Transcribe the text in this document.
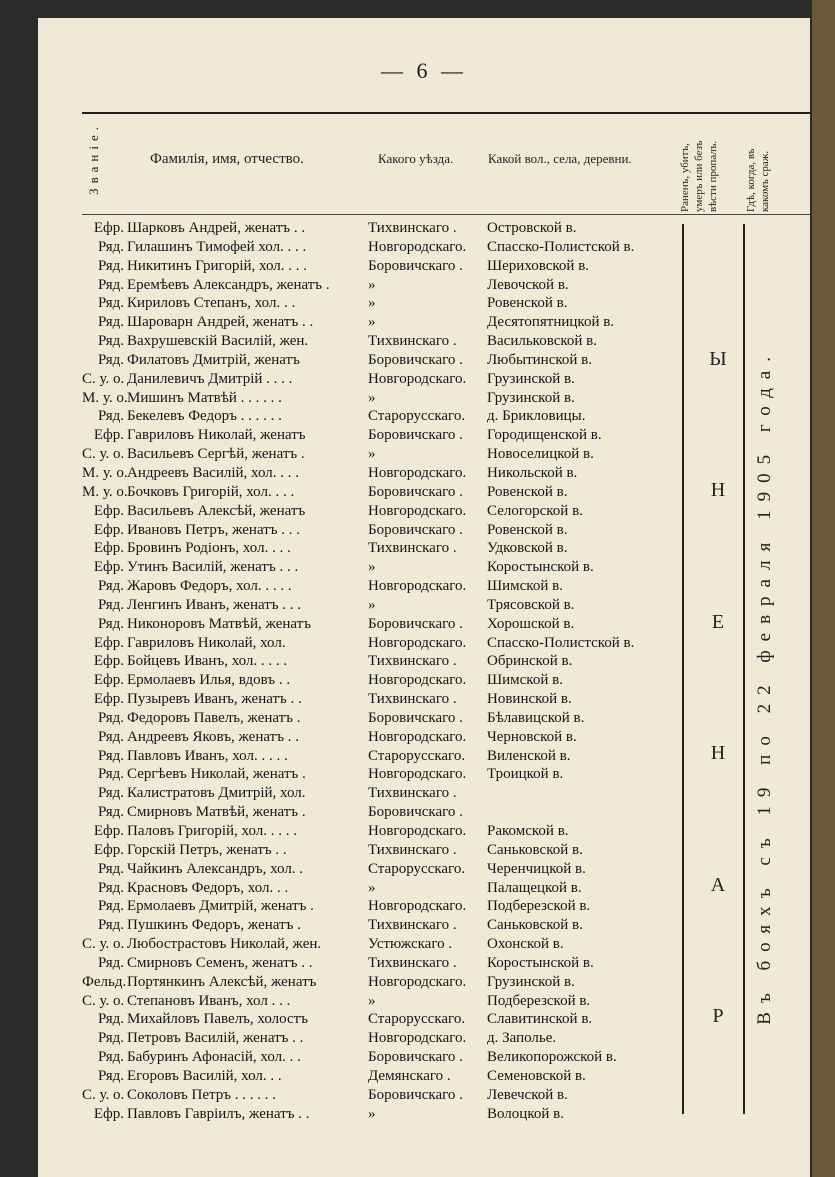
— 6 —
Званіе.	Фамилія, имя, отчество.	Какого уѣзда.	Какой вол., села, деревни.	Раненъ, убитъ, умеръ или безъ вѣсти пропалъ.	Гдѣ, когда, въ какомъ сраж.
Ефр. Шарковъ Андрей, женатъ . .	Тихвинскаго . Островской в.
Ряд. Гилашинъ Тимофей хол. . . .	Новгородскаго. Спасско-Полистской в.
Ряд. Никитинъ Григорій, хол. . . .	Боровичскаго . Шериховской в.
Ряд. Еремѣевъ Александръ, женатъ .	»	Левочской в.
Ряд. Кириловъ Степанъ, хол. . .	»	Ровенской в.
Ряд. Шароварн Андрей, женатъ . .	»	Десятопятницкой в.
Ряд. Вахрушевскій Василій, жен.	Тихвинскаго . Васильковской в.
Ряд. Филатовъ Дмитрій, женатъ	Боровичскаго . Любытинской в.
С. у. о. Данилевичъ Дмитрій . . . .	Новгородскаго. Грузинской в.
М. у. о. Мишинъ Матвѣй . . . . . .	»	Грузинской в.
Ряд. Бекелевъ Федоръ . . . . . .	Старорусскаго. д. Брикловицы.
Ефр. Гавриловъ Николай, женатъ	Боровичскаго . Городищенской в.
С. у. о. Васильевъ Сергѣй, женатъ .	»	Новоселицкой в.
М. у. о. Андреевъ Василій, хол. . . .	Новгородскаго. Никольской в.
М. у. о. Бочковъ Григорій, хол. . . .	Боровичскаго . Ровенской в.
Ефр. Васильевъ Алексѣй, женатъ	Новгородскаго. Селогорской в.
Ефр. Ивановъ Петръ, женатъ . . .	Боровичскаго . Ровенской в.
Ефр. Бровинъ Родіонъ, хол. . . .	Тихвинскаго . Удковской в.
Ефр. Утинъ Василій, женатъ . . .	»	Коростынской в.
Ряд. Жаровъ Федоръ, хол. . . . .	Новгородскаго. Шимской в.
Ряд. Ленгинъ Иванъ, женатъ . . .	»	Трясовской в.
Ряд. Никоноровъ Матвѣй, женатъ	Боровичскаго . Хорошской в.
Ефр. Гавриловъ Николай, хол.	Новгородскаго. Спасско-Полистской в.
Ефр. Бойцевъ Иванъ, хол. . . . .	Тихвинскаго . Обринской в.
Ефр. Ермолаевъ Илья, вдовъ . .	Новгородскаго. Шимской в.
Ефр. Пузыревъ Иванъ, женатъ . .	Тихвинскаго . Новинской в.
Ряд. Федоровъ Павелъ, женатъ .	Боровичскаго . Бѣлавицской в.
Ряд. Андреевъ Яковъ, женатъ . .	Новгородскаго. Черновской в.
Ряд. Павловъ Иванъ, хол. . . . .	Старорусскаго. Виленской в.
Ряд. Сергѣевъ Николай, женатъ .	Новгородскаго. Троицкой в.
Ряд. Калистратовъ Дмитрій, хол.	Тихвинскаго .
Ряд. Смирновъ Матвѣй, женатъ .	Боровичскаго .
Ефр. Паловъ Григорій, хол. . . . .	Новгородскаго. Ракомской в.
Ефр. Горскій Петръ, женатъ . .	Тихвинскаго . Саньковской в.
Ряд. Чайкинъ Александръ, хол. .	Старорусскаго. Черенчицкой в.
Ряд. Красновъ Федоръ, хол. . .	»	Палащецкой в.
Ряд. Ермолаевъ Дмитрій, женатъ .	Новгородскаго. Подберезской в.
Ряд. Пушкинъ Федоръ, женатъ .	Тихвинскаго . Саньковской в.
С. у. о. Любострастовъ Николай, жен.	Устюжскаго . Охонской в.
Ряд. Смирновъ Семенъ, женатъ . .	Тихвинскаго . Коростынской в.
Фельд. Портянкинъ Алексѣй, женатъ	Новгородскаго. Грузинской в.
С. у. о. Степановъ Иванъ, хол . . .	»	Подберезской в.
Ряд. Михайловъ Павелъ, холостъ	Старорусскаго. Славитинской в.
Ряд. Петровъ Василій, женатъ . .	Новгородскаго. д. Заполье.
Ряд. Бабуринъ Афонасій, хол. . .	Боровичскаго . Великопорожской в.
Ряд. Егоровъ Василій, хол. . .	Демянскаго . Семеновской в.
С. у. о. Соколовъ Петръ . . . . . .	Боровичскаго . Левечской в.
Ефр. Павловъ Гавріилъ, женатъ . .	»	Волоцкой в.
Ы
Н
Е
Н
А
Р Въ бояхъ съ 19 по 22 февраля 1905 года.
